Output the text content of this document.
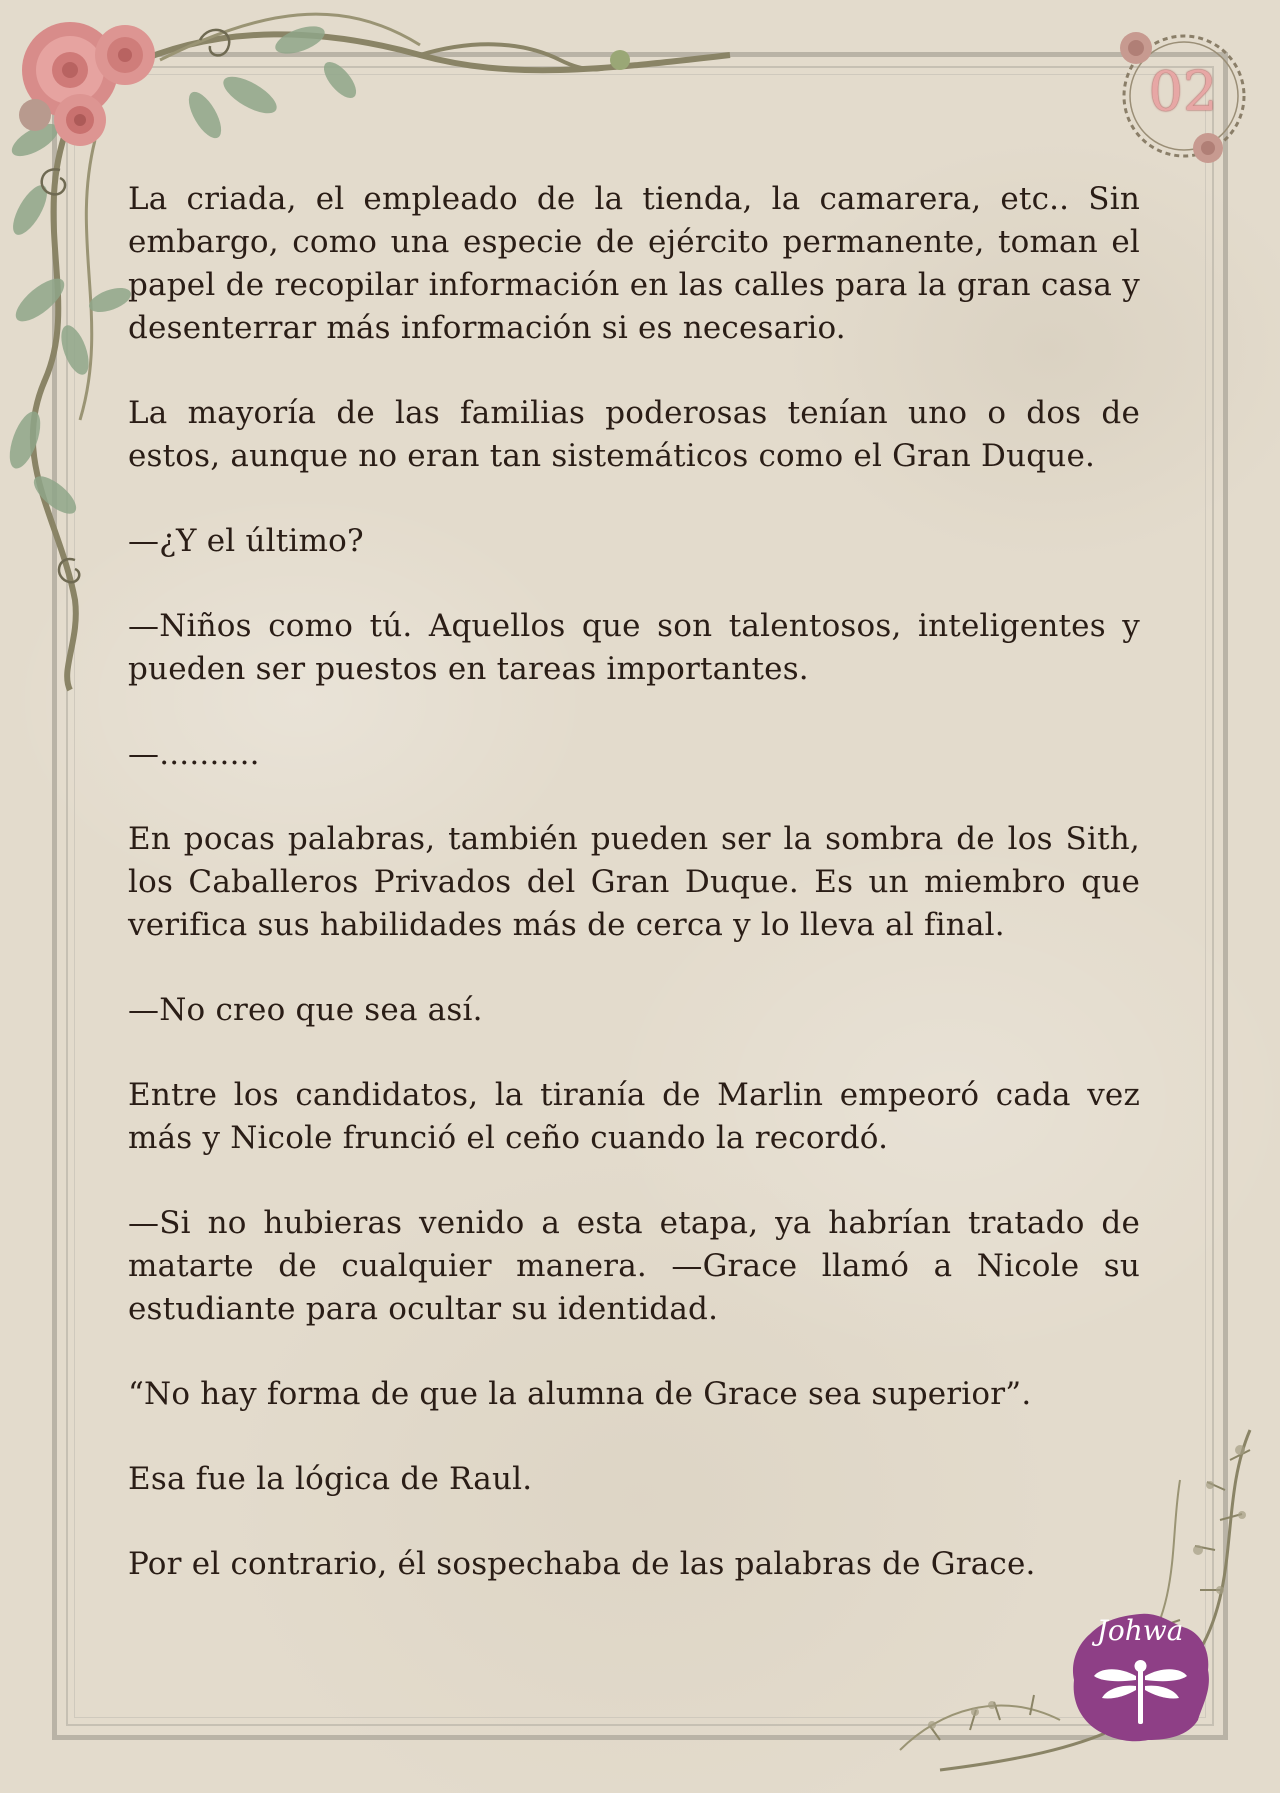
02
Johwa

La criada, el empleado de la tienda, la camarera, etc.. Sin embargo, como una especie de ejército permanente, toman el papel de recopilar información en las calles para la gran casa y desenterrar más información si es necesario.

La mayoría de las familias poderosas tenían uno o dos de estos, aunque no eran tan sistemáticos como el Gran Duque.

—¿Y el último?

—Niños como tú. Aquellos que son talentosos, inteligentes y pueden ser puestos en tareas importantes.

—..........

En pocas palabras, también pueden ser la sombra de los Sith, los Caballeros Privados del Gran Duque. Es un miembro que verifica sus habilidades más de cerca y lo lleva al final.

—No creo que sea así.

Entre los candidatos, la tiranía de Marlin empeoró cada vez más y Nicole frunció el ceño cuando la recordó.

—Si no hubieras venido a esta etapa, ya habrían tratado de matarte de cualquier manera. —Grace llamó a Nicole su estudiante para ocultar su identidad.

“No hay forma de que la alumna de Grace sea superior”.

Esa fue la lógica de Raul.

Por el contrario, él sospechaba de las palabras de Grace.
